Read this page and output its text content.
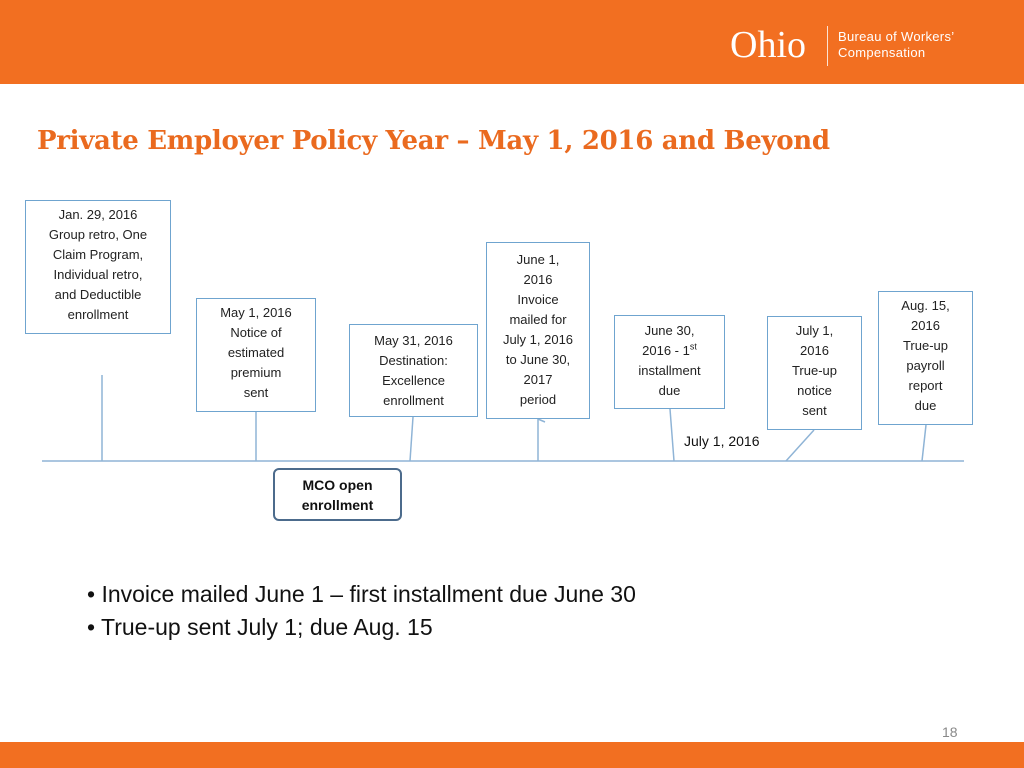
Ohio Bureau of Workers’
Compensation
Private Employer Policy Year – May 1, 2016 and Beyond
Jan. 29, 2016
Group retro, One
Claim Program,
Individual retro,
and Deductible
enrollment	May 1, 2016
Notice of
estimated
premium
sent
May 31, 2016
Destination:
Excellence
enrollment
June 1,
2016
Invoice
mailed for
July 1, 2016
to June 30,
2017
period
June 30,
2016 - 1st
installment
due
July 1,
2016
True-up
notice
sent
Aug. 15,
2016
True-up
payroll
report
due
July 1, 2016
MCO open
enrollment
• Invoice mailed June 1 – first installment due June 30
• True-up sent July 1; due Aug. 15
18
